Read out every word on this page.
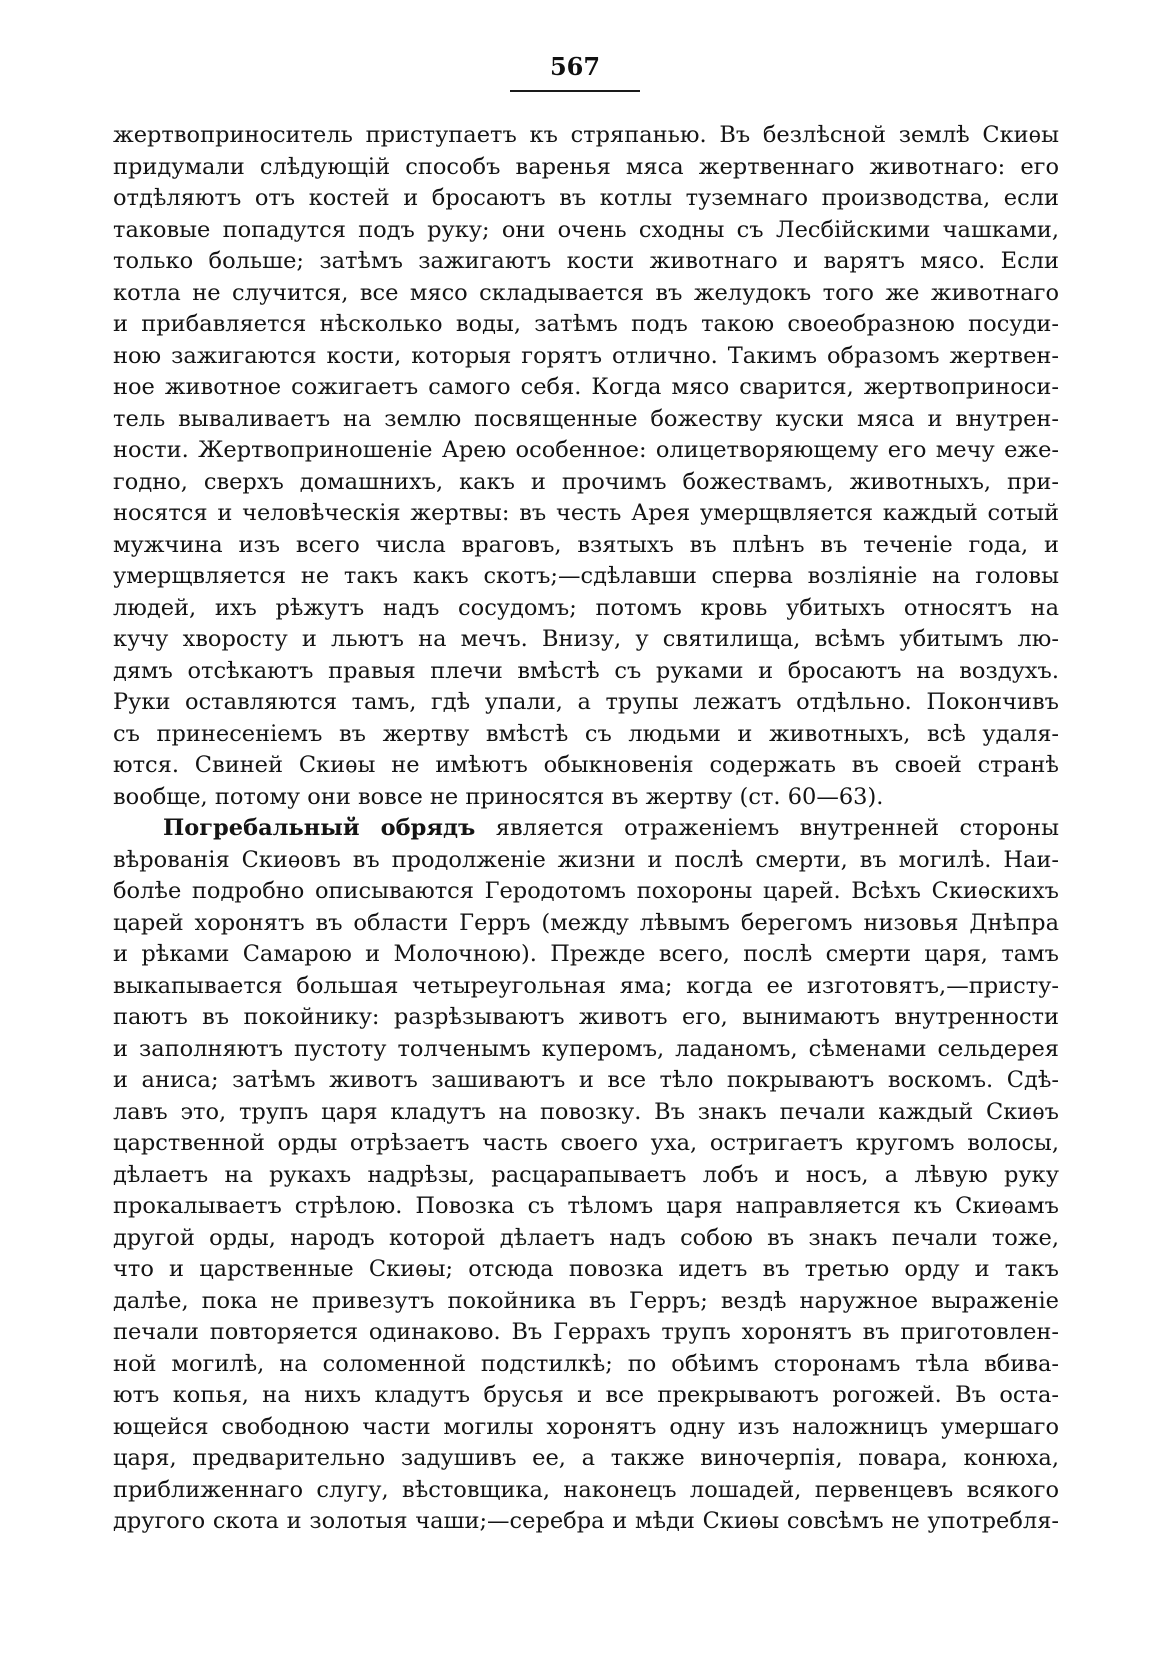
567
жертвоприноситель приступаетъ къ стряпанью. Въ безлѣсной землѣ Скиѳы
придумали слѣдующій способъ варенья мяса жертвеннаго животнаго: его
отдѣляютъ отъ костей и бросаютъ въ котлы туземнаго производства, если
таковые попадутся подъ руку; они очень сходны съ Лесбійскими чашками,
только больше; затѣмъ зажигаютъ кости животнаго и варятъ мясо. Если
котла не случится, все мясо складывается въ желудокъ того же животнаго
и прибавляется нѣсколько воды, затѣмъ подъ такою своеобразною посуди-
ною зажигаются кости, которыя горятъ отлично. Такимъ образомъ жертвен-
ное животное сожигаетъ самого себя. Когда мясо сварится, жертвоприноси-
тель вываливаетъ на землю посвященные божеству куски мяса и внутрен-
ности. Жертвоприношеніе Арею особенное: олицетворяющему его мечу еже-
годно, сверхъ домашнихъ, какъ и прочимъ божествамъ, животныхъ, при-
носятся и человѣческія жертвы: въ честь Арея умерщвляется каждый сотый
мужчина изъ всего числа враговъ, взятыхъ въ плѣнъ въ теченіе года, и
умерщвляется не такъ какъ скотъ;—сдѣлавши сперва возліяніе на головы
людей, ихъ рѣжутъ надъ сосудомъ; потомъ кровь убитыхъ относятъ на
кучу хворосту и льютъ на мечъ. Внизу, у святилища, всѣмъ убитымъ лю-
дямъ отсѣкаютъ правыя плечи вмѣстѣ съ руками и бросаютъ на воздухъ.
Руки оставляются тамъ, гдѣ упали, а трупы лежатъ отдѣльно. Покончивъ
съ принесеніемъ въ жертву вмѣстѣ съ людьми и животныхъ, всѣ удаля-
ются. Свиней Скиѳы не имѣютъ обыкновенія содержать въ своей странѣ
вообще, потому они вовсе не приносятся въ жертву (ст. 60—63).
Погребальный обрядъ является отраженіемъ внутренней стороны
вѣрованія Скиѳовъ въ продолженіе жизни и послѣ смерти, въ могилѣ. Наи-
болѣе подробно описываются Геродотомъ похороны царей. Всѣхъ Скиѳскихъ
царей хоронятъ въ области Герръ (между лѣвымъ берегомъ низовья Днѣпра
и рѣками Самарою и Молочною). Прежде всего, послѣ смерти царя, тамъ
выкапывается большая четыреугольная яма; когда ее изготовятъ,—присту-
паютъ въ покойнику: разрѣзываютъ животъ его, вынимаютъ внутренности
и заполняютъ пустоту толченымъ куперомъ, ладаномъ, сѣменами сельдерея
и аниса; затѣмъ животъ зашиваютъ и все тѣло покрываютъ воскомъ. Сдѣ-
лавъ это, трупъ царя кладутъ на повозку. Въ знакъ печали каждый Скиѳъ
царственной орды отрѣзаетъ часть своего уха, остригаетъ кругомъ волосы,
дѣлаетъ на рукахъ надрѣзы, расцарапываетъ лобъ и носъ, а лѣвую руку
прокалываетъ стрѣлою. Повозка съ тѣломъ царя направляется къ Скиѳамъ
другой орды, народъ которой дѣлаетъ надъ собою въ знакъ печали тоже,
что и царственные Скиѳы; отсюда повозка идетъ въ третью орду и такъ
далѣе, пока не привезутъ покойника въ Герръ; вездѣ наружное выраженіе
печали повторяется одинаково. Въ Геррахъ трупъ хоронятъ въ приготовлен-
ной могилѣ, на соломенной подстилкѣ; по обѣимъ сторонамъ тѣла вбива-
ютъ копья, на нихъ кладутъ брусья и все прекрываютъ рогожей. Въ оста-
ющейся свободною части могилы хоронятъ одну изъ наложницъ умершаго
царя, предварительно задушивъ ее, а также виночерпія, повара, конюха,
приближеннаго слугу, вѣстовщика, наконецъ лошадей, первенцевъ всякого
другого скота и золотыя чаши;—серебра и мѣди Скиѳы совсѣмъ не употребля-
